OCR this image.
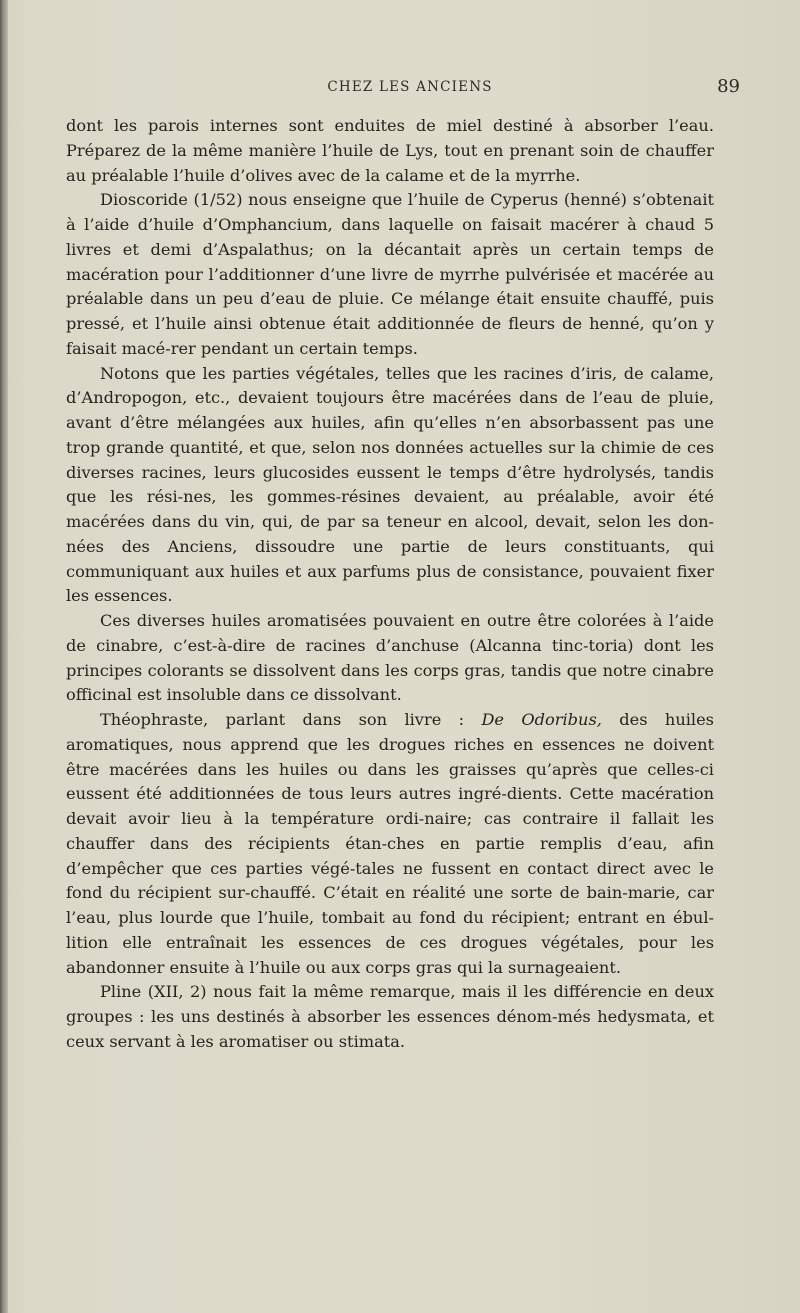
CHEZ LES ANCIENS	89

dont les parois internes sont enduites de miel destiné à absorber l’eau. Préparez de la même manière l’huile de Lys, tout en prenant soin de chauffer au préalable l’huile d’olives avec de la calame et de la myrrhe.

Dioscoride (1/52) nous enseigne que l’huile de Cyperus (henné) s’obtenait à l’aide d’huile d’Omphancium, dans laquelle on faisait macérer à chaud 5 livres et demi d’Aspalathus; on la décantait après un certain temps de macération pour l’additionner d’une livre de myrrhe pulvérisée et macérée au préalable dans un peu d’eau de pluie. Ce mélange était ensuite chauffé, puis pressé, et l’huile ainsi obtenue était additionnée de fleurs de henné, qu’on y faisait macé-rer pendant un certain temps.

Notons que les parties végétales, telles que les racines d’iris, de calame, d’Andropogon, etc., devaient toujours être macérées dans de l’eau de pluie, avant d’être mélangées aux huiles, afin qu’elles n’en absorbassent pas une trop grande quantité, et que, selon nos données actuelles sur la chimie de ces diverses racines, leurs glucosides eussent le temps d’être hydrolysés, tandis que les rési-nes, les gommes-résines devaient, au préalable, avoir été macérées dans du vin, qui, de par sa teneur en alcool, devait, selon les don-nées des Anciens, dissoudre une partie de leurs constituants, qui communiquant aux huiles et aux parfums plus de consistance, pouvaient fixer les essences.

Ces diverses huiles aromatisées pouvaient en outre être colorées à l’aide de cinabre, c’est-à-dire de racines d’anchuse (Alcanna tinc-toria) dont les principes colorants se dissolvent dans les corps gras, tandis que notre cinabre officinal est insoluble dans ce dissolvant.

Théophraste, parlant dans son livre : De Odoribus, des huiles aromatiques, nous apprend que les drogues riches en essences ne doivent être macérées dans les huiles ou dans les graisses qu’après que celles-ci eussent été additionnées de tous leurs autres ingré-dients. Cette macération devait avoir lieu à la température ordi-naire; cas contraire il fallait les chauffer dans des récipients étan-ches en partie remplis d’eau, afin d’empêcher que ces parties végé-tales ne fussent en contact direct avec le fond du récipient sur-chauffé. C’était en réalité une sorte de bain-marie, car l’eau, plus lourde que l’huile, tombait au fond du récipient; entrant en ébul-lition elle entraînait les essences de ces drogues végétales, pour les abandonner ensuite à l’huile ou aux corps gras qui la surnageaient.

Pline (XII, 2) nous fait la même remarque, mais il les différencie en deux groupes : les uns destinés à absorber les essences dénom-més hedysmata, et ceux servant à les aromatiser ou stimata.
